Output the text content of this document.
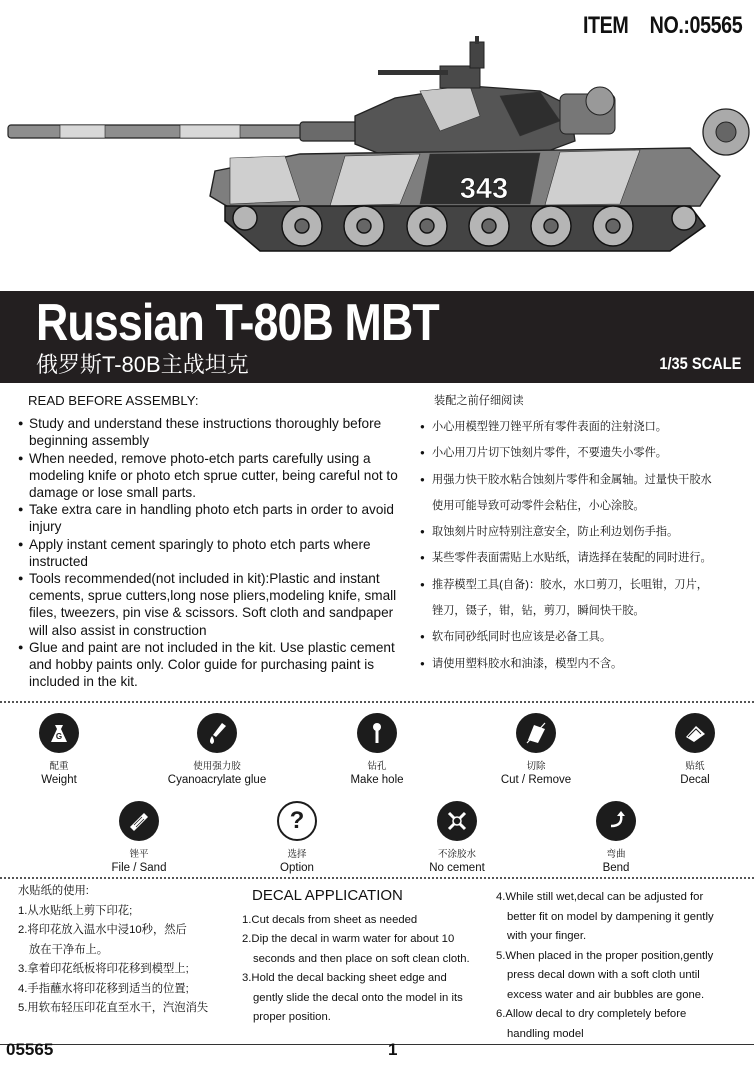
ITEM NO.:05565
343
Russian T-80B MBT
俄罗斯T-80B主战坦克	1/35 SCALE
READ BEFORE ASSEMBLY:
● Study and understand these instructions thoroughly before beginning assembly
● When needed, remove photo-etch parts carefully using a modeling knife or photo etch sprue cutter, being careful not to damage or lose small parts.
● Take extra care in handling photo etch parts in order to avoid injury
● Apply instant cement sparingly to photo etch parts where instructed
● Tools recommended(not included in kit):Plastic and instant cements, sprue cutters,long nose pliers,modeling knife, small files, tweezers, pin vise & scissors. Soft cloth and sandpaper will also assist in construction
● Glue and paint are not included in the kit. Use plastic cement and hobby paints only. Color guide for purchasing paint is included in the kit.
装配之前仔细阅读
● 小心用模型锉刀锉平所有零件表面的注射浇口。
● 小心用刀片切下蚀刻片零件，不要遗失小零件。
● 用强力快干胶水粘合蚀刻片零件和金属轴。过量快干胶水
使用可能导致可动零件会粘住，小心涂胶。
● 取蚀刻片时应特别注意安全，防止利边划伤手指。
● 某些零件表面需贴上水贴纸，请选择在装配的同时进行。
● 推荐模型工具(自备)：胶水，水口剪刀，长咀钳，刀片，
锉刀，镊子，钳，钻，剪刀，瞬间快干胶。
● 软布同砂纸同时也应该是必备工具。
● 请使用塑料胶水和油漆，模型内不含。
G
配重
Weight
使用强力胶
Cyanoacrylate glue
钻孔
Make hole
切除
Cut / Remove
贴纸
Decal
锉平
File / Sand
?
选择
Option
不涂胶水
No cement
弯曲
Bend
水贴纸的使用:
1.从水贴纸上剪下印花;
2.将印花放入温水中浸10秒，然后
放在干净布上。
3.拿着印花纸板将印花移到模型上;
4.手指蘸水将印花移到适当的位置;
5.用软布轻压印花直至水干，汽泡消失
DECAL APPLICATION
1.Cut decals from sheet as needed
2.Dip the decal in warm water for about 10
seconds and then place on soft clean cloth.
3.Hold the decal backing sheet edge and
gently slide the decal onto the model in its
proper position.
4.While still wet,decal can be adjusted for
better fit on model by dampening it gently
with your finger.
5.When placed in the proper position,gently
press decal down with a soft cloth until
excess water and air bubbles are gone.
6.Allow decal to dry completely before
handling model
05565	1
